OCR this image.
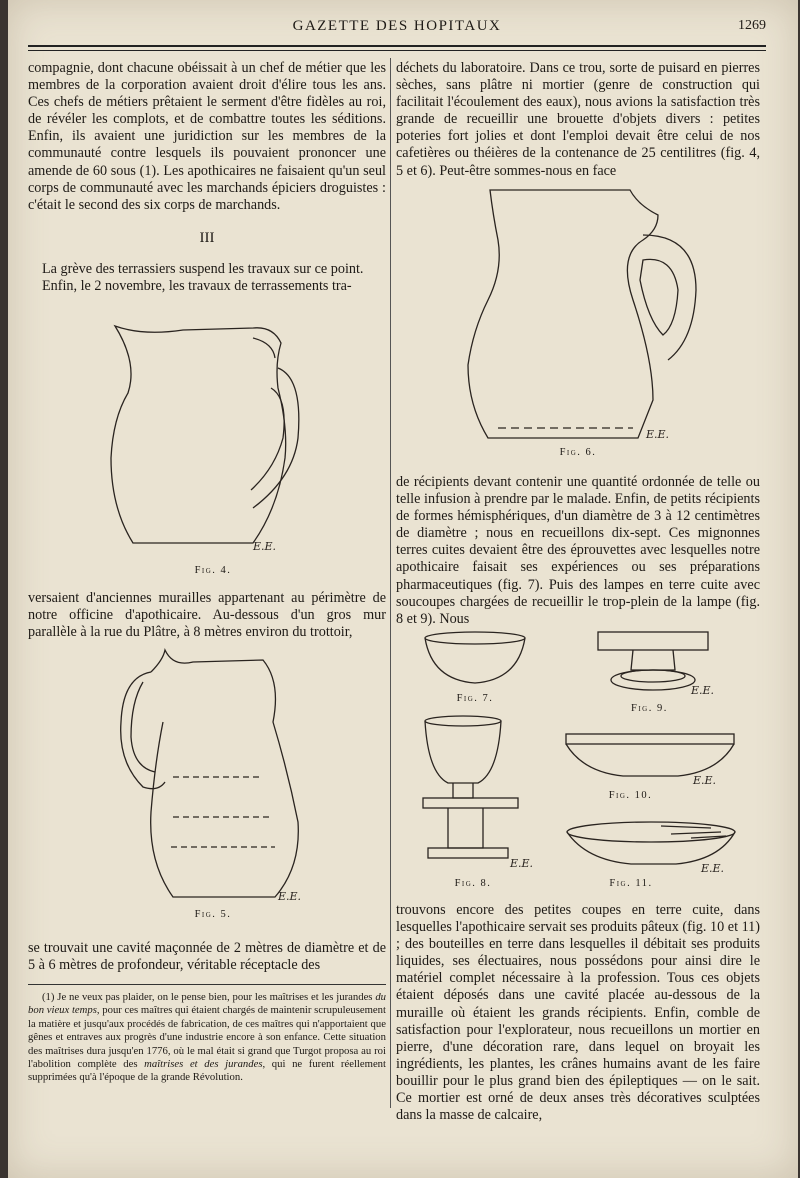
GAZETTE DES HOPITAUX	1269

compagnie, dont chacune obéissait à un chef de métier que les membres de la corporation avaient droit d'élire tous les ans. Ces chefs de métiers prêtaient le serment d'être fidèles au roi, de révéler les complots, et de combattre toutes les séditions. Enfin, ils avaient une juridiction sur les membres de la communauté contre lesquels ils pouvaient prononcer une amende de 60 sous (1). Les apothicaires ne faisaient qu'un seul corps de communauté avec les marchands épiciers droguistes : c'était le second des six corps de marchands.

III

La grève des terrassiers suspend les travaux sur ce point.

Enfin, le 2 novembre, les travaux de terrassements tra-

E.E.
Fig. 4.

versaient d'anciennes murailles appartenant au périmètre de notre officine d'apothicaire. Au-dessous d'un gros mur parallèle à la rue du Plâtre, à 8 mètres environ du trottoir,

E.E.
Fig. 5.

se trouvait une cavité maçonnée de 2 mètres de diamètre et de 5 à 6 mètres de profondeur, véritable réceptacle des

(1) Je ne veux pas plaider, on le pense bien, pour les maîtrises et les jurandes du bon vieux temps, pour ces maîtres qui étaient chargés de maintenir scrupuleusement la matière et jusqu'aux procédés de fabrication, de ces maîtres qui n'apportaient que gênes et entraves aux progrès d'une industrie encore à son enfance. Cette situation des maîtrises dura jusqu'en 1776, où le mal était si grand que Turgot proposa au roi l'abolition complète des maîtrises et des jurandes, qui ne furent réellement supprimées qu'à l'époque de la grande Révolution.

déchets du laboratoire. Dans ce trou, sorte de puisard en pierres sèches, sans plâtre ni mortier (genre de construction qui facilitait l'écoulement des eaux), nous avions la satisfaction très grande de recueillir une brouette d'objets divers : petites poteries fort jolies et dont l'emploi devait être celui de nos cafetières ou théières de la contenance de 25 centilitres (fig. 4, 5 et 6). Peut-être sommes-nous en face

E.E.
Fig. 6.

de récipients devant contenir une quantité ordonnée de telle ou telle infusion à prendre par le malade. Enfin, de petits récipients de formes hémisphériques, d'un diamètre de 3 à 12 centimètres de diamètre ; nous en recueillons dix-sept. Ces mignonnes terres cuites devaient être des éprouvettes avec lesquelles notre apothicaire faisait ses expériences ou ses préparations pharmaceutiques (fig. 7). Puis des lampes en terre cuite avec soucoupes chargées de recueillir le trop-plein de la lampe (fig. 8 et 9). Nous

Fig. 7.
E.E.
Fig. 9.
E.E.
Fig. 8.
E.E.
Fig. 10.
E.E.
Fig. 11.

trouvons encore des petites coupes en terre cuite, dans lesquelles l'apothicaire servait ses produits pâteux (fig. 10 et 11) ; des bouteilles en terre dans lesquelles il débitait ses produits liquides, ses électuaires, nous possédons pour ainsi dire le matériel complet nécessaire à la profession. Tous ces objets étaient déposés dans une cavité placée au-dessous de la muraille où étaient les grands récipients. Enfin, comble de satisfaction pour l'explorateur, nous recueillons un mortier en pierre, d'une décoration rare, dans lequel on broyait les ingrédients, les plantes, les crânes humains avant de les faire bouillir pour le plus grand bien des épileptiques — on le sait. Ce mortier est orné de deux anses très décoratives sculptées dans la masse de calcaire,
